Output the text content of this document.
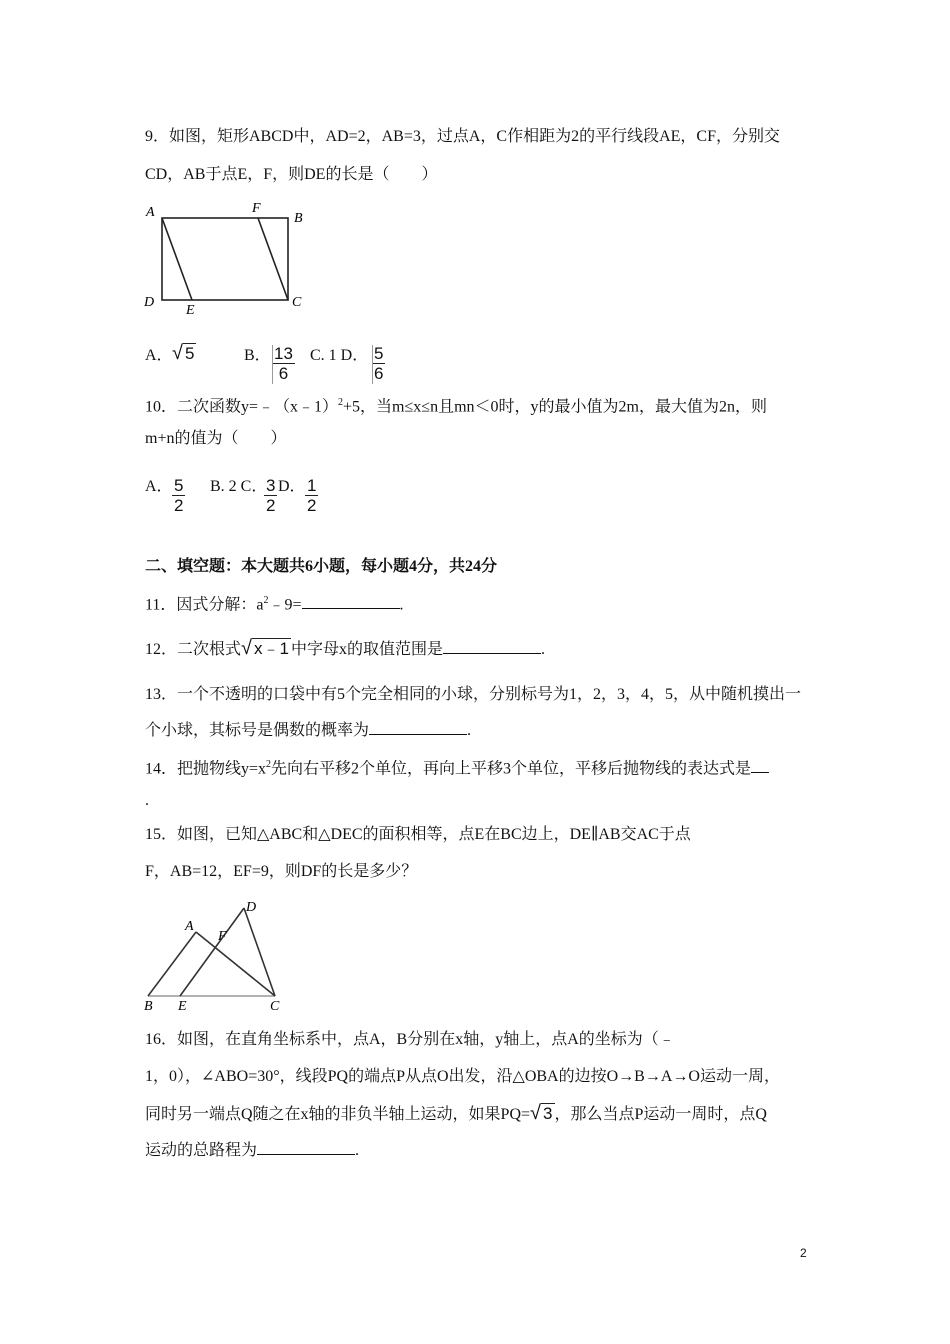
9．如图，矩形ABCD中，AD=2，AB=3，过点A，C作相距为2的平行线段AE，CF，分别交
CD，AB于点E，F，则DE的长是（　　）
A	F
B
D
E
C
A． √ 5	B． $\frac{13}{6} C$. 1 D． $\frac{5}{6}$
10．二次函数y=﹣（x﹣1）$^2$+5，当m≤x≤n且mn＜0时，y的最小值为2m，最大值为2n，则
m+n的值为（　　）
A． $\frac{5}{2} B$. 2 C．
$\frac{3}{2}$ D． $\frac{1}{2}$
二、填空题：本大题共6小题，每小题4分，共24分
11．因式分解：$a^2﹣9=$	.
12．二次根式√ x﹣1 中字母x的取值范围是	.
13．一个不透明的口袋中有5个完全相同的小球，分别标号为1，2，3，4，5，从中随机摸出一
个小球，其标号是偶数的概率为	.
14．把抛物线$y=x^2$先向右平移2个单位，再向上平移3个单位，平移后抛物线的表达式是
.
15．如图，已知△ABC和△DEC的面积相等，点E在BC边上，DE∥AB交AC于点
F，AB=12，EF=9，则DF的长是多少？
A
F
D
B E	C
16．如图，在直角坐标系中，点A，B分别在x轴，y轴上，点A的坐标为（﹣
1，0），∠ABO=30°，线段PQ的端点P从点O出发，沿△OBA的边按O→B→A→O运动一周，
同时另一端点Q随之在x轴的非负半轴上运动，如果PQ=√ 3 ，那么当点P运动一周时，点Q
运动的总路程为	.
2
